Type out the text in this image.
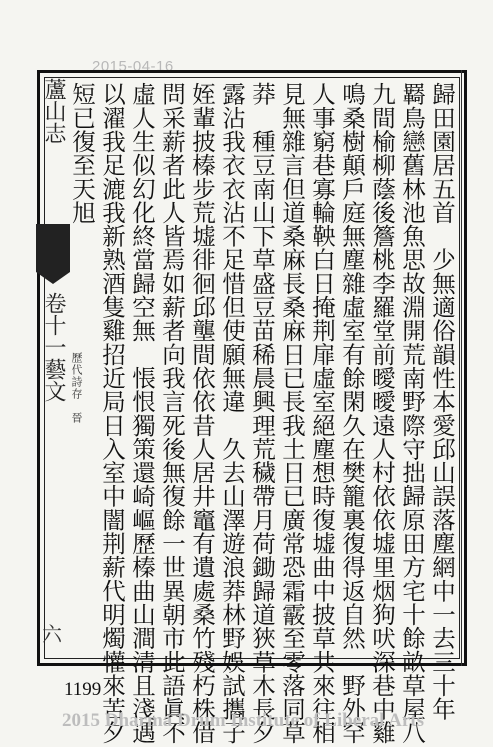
2015-04-16
歸田園居五首　少無適俗韻性本愛邱山誤落塵網中一去三十年
羇鳥戀舊林池魚思故淵開荒南野際守拙歸原田方宅十餘畝草屋八
九間榆柳蔭後簷桃李羅堂前曖曖遠人村依依墟里烟狗吠深巷中雞
鳴桑樹顛戶庭無塵雜虛室有餘閑久在樊籠裏復得返自然　野外罕
人事窮巷寡輪鞅白日掩荆扉虛室絕塵想時復墟曲中披草共來往相
見無雜言但道桑麻長桑麻日已長我土日已廣常恐霜霰至零落同草
莽　種豆南山下草盛豆苗稀晨興理荒穢帶月荷鋤歸道狹草木長夕
露沾我衣衣沾不足惜但使願無違　久去山澤遊浪莽林野娛試攜子
姪輩披榛步荒墟徘徊邱壟間依依昔人居井竈有遺處桑竹殘朽株借
問采薪者此人皆焉如薪者向我言死後無復餘一世異朝市此語眞不
虛人生似幻化終當歸空無　悵恨獨策還崎嶇歷榛曲山澗清且淺遇
以濯我足漉我新熟酒隻雞招近局日入室中闇荆薪代明燭懽來苦夕
短已復至天旭
蘆山志
卷十一藝文 歷代詩存　晉
六
1199
2015 Dharma Drum Institute of Liberal Arts
